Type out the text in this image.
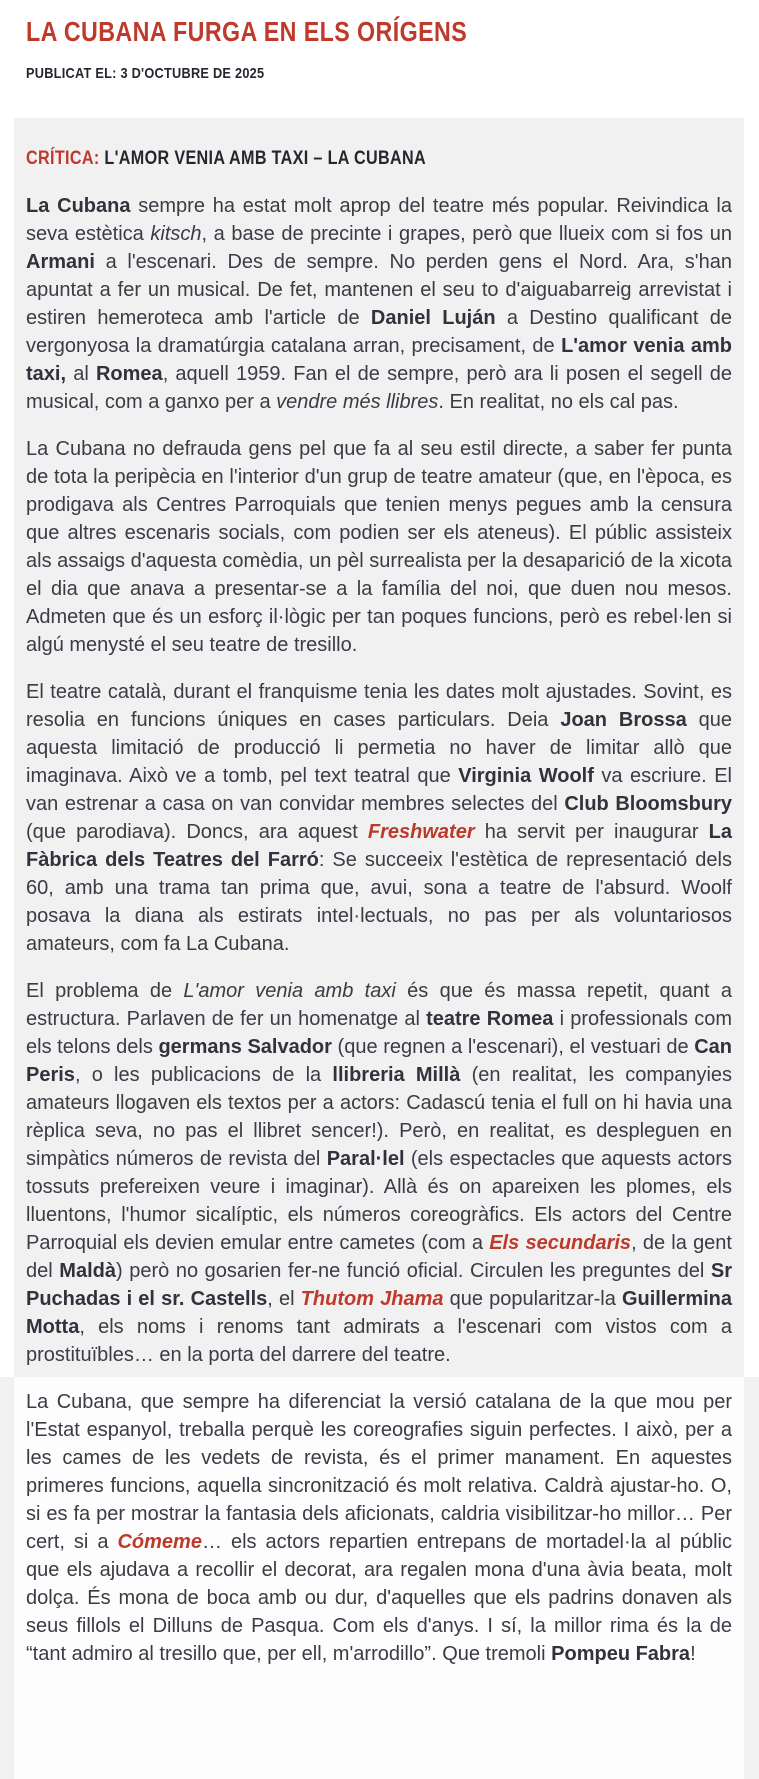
LA CUBANA FURGA EN ELS ORÍGENS
PUBLICAT EL: 3 D'OCTUBRE DE 2025
CRÍTICA: L'AMOR VENIA AMB TAXI – LA CUBANA

La Cubana sempre ha estat molt aprop del teatre més popular. Reivindica la seva estètica kitsch, a base de precinte i grapes, però que llueix com si fos un Armani a l'escenari. Des de sempre. No perden gens el Nord. Ara, s'han apuntat a fer un musical. De fet, mantenen el seu to d'aiguabarreig arrevistat i estiren hemeroteca amb l'article de Daniel Luján a Destino qualificant de vergonyosa la dramatúrgia catalana arran, precisament, de L'amor venia amb taxi, al Romea, aquell 1959. Fan el de sempre, però ara li posen el segell de musical, com a ganxo per a vendre més llibres. En realitat, no els cal pas.

La Cubana no defrauda gens pel que fa al seu estil directe, a saber fer punta de tota la peripècia en l'interior d'un grup de teatre amateur (que, en l'època, es prodigava als Centres Parroquials que tenien menys pegues amb la censura que altres escenaris socials, com podien ser els ateneus). El públic assisteix als assaigs d'aquesta comèdia, un pèl surrealista per la desaparició de la xicota el dia que anava a presentar-se a la família del noi, que duen nou mesos. Admeten que és un esforç il·lògic per tan poques funcions, però es rebel·len si algú menysté el seu teatre de tresillo.

El teatre català, durant el franquisme tenia les dates molt ajustades. Sovint, es resolia en funcions úniques en cases particulars. Deia Joan Brossa que aquesta limitació de producció li permetia no haver de limitar allò que imaginava. Això ve a tomb, pel text teatral que Virginia Woolf va escriure. El van estrenar a casa on van convidar membres selectes del Club Bloomsbury (que parodiava). Doncs, ara aquest Freshwater ha servit per inaugurar La Fàbrica dels Teatres del Farró: Se succeeix l'estètica de representació dels 60, amb una trama tan prima que, avui, sona a teatre de l'absurd. Woolf posava la diana als estirats intel·lectuals, no pas per als voluntariosos amateurs, com fa La Cubana.

El problema de L'amor venia amb taxi és que és massa repetit, quant a estructura. Parlaven de fer un homenatge al teatre Romea i professionals com els telons dels germans Salvador (que regnen a l'escenari), el vestuari de Can Peris, o les publicacions de la llibreria Millà (en realitat, les companyies amateurs llogaven els textos per a actors: Cadascú tenia el full on hi havia una rèplica seva, no pas el llibret sencer!). Però, en realitat, es despleguen en simpàtics números de revista del Paral·lel (els espectacles que aquests actors tossuts prefereixen veure i imaginar). Allà és on apareixen les plomes, els lluentons, l'humor sicalíptic, els números coreogràfics. Els actors del Centre Parroquial els devien emular entre cametes (com a Els secundaris, de la gent del Maldà) però no gosarien fer-ne funció oficial. Circulen les preguntes del Sr Puchadas i el sr. Castells, el Thutom Jhama que popularitzar-la Guillermina Motta, els noms i renoms tant admirats a l'escenari com vistos com a prostituïbles… en la porta del darrere del teatre.

La Cubana, que sempre ha diferenciat la versió catalana de la que mou per l'Estat espanyol, treballa perquè les coreografies siguin perfectes. I això, per a les cames de les vedets de revista, és el primer manament. En aquestes primeres funcions, aquella sincronització és molt relativa. Caldrà ajustar-ho. O, si es fa per mostrar la fantasia dels aficionats, caldria visibilitzar-ho millor… Per cert, si a Cómeme… els actors repartien entrepans de mortadel·la al públic que els ajudava a recollir el decorat, ara regalen mona d'una àvia beata, molt dolça. És mona de boca amb ou dur, d'aquelles que els padrins donaven als seus fillols el Dilluns de Pasqua. Com els d'anys. I sí, la millor rima és la de “tant admiro al tresillo que, per ell, m'arrodillo”. Que tremoli Pompeu Fabra!
